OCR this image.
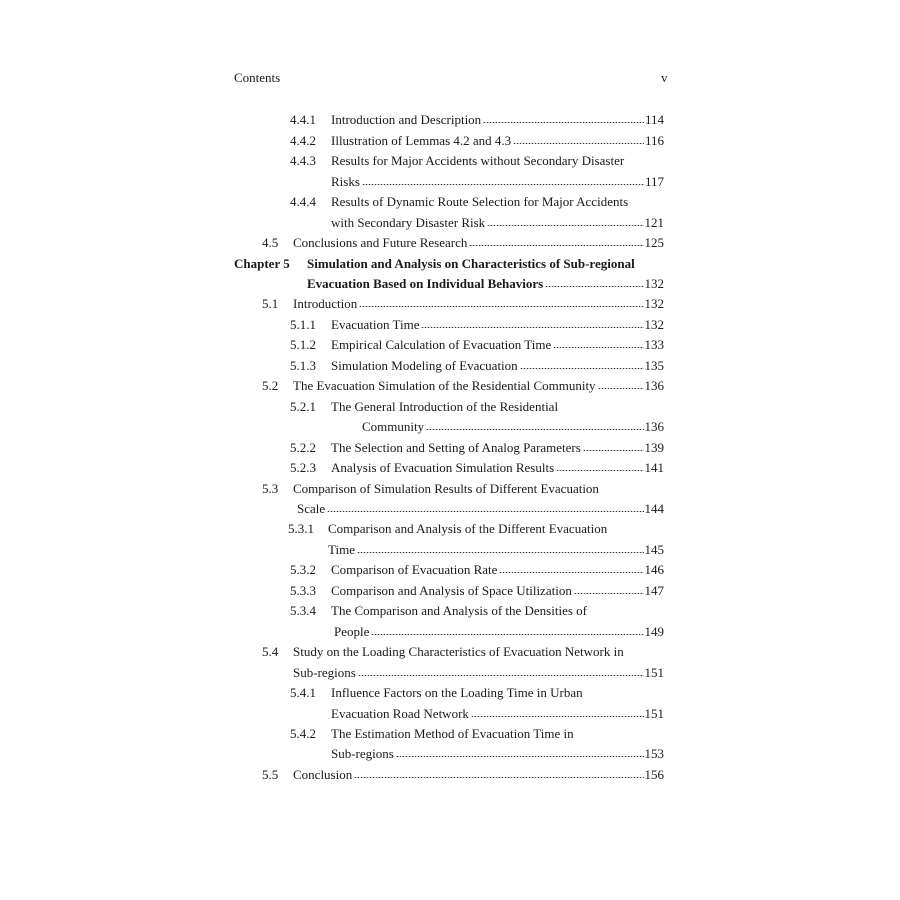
Contents	v
4.4.1 Introduction and Description	114
4.4.2 Illustration of Lemmas 4.2 and 4.3	116
4.4.3 Results for Major Accidents without Secondary Disaster
Risks	117
4.4.4 Results of Dynamic Route Selection for Major Accidents
with Secondary Disaster Risk	121
4.5 Conclusions and Future Research	125
Chapter 5 Simulation and Analysis on Characteristics of Sub-regional
Evacuation Based on Individual Behaviors	132
5.1 Introduction	132
5.1.1 Evacuation Time	132
5.1.2 Empirical Calculation of Evacuation Time	133
5.1.3 Simulation Modeling of Evacuation	135
5.2 The Evacuation Simulation of the Residential Community	136
5.2.1 The General Introduction of the Residential
Community	136
5.2.2 The Selection and Setting of Analog Parameters	139
5.2.3 Analysis of Evacuation Simulation Results	141
5.3 Comparison of Simulation Results of Different Evacuation
Scale	144
5.3.1 Comparison and Analysis of the Different Evacuation
Time	145
5.3.2 Comparison of Evacuation Rate	146
5.3.3 Comparison and Analysis of Space Utilization	147
5.3.4 The Comparison and Analysis of the Densities of
People	149
5.4 Study on the Loading Characteristics of Evacuation Network in
Sub-regions	151
5.4.1 Influence Factors on the Loading Time in Urban
Evacuation Road Network	151
5.4.2 The Estimation Method of Evacuation Time in
Sub-regions	153
5.5 Conclusion	156
